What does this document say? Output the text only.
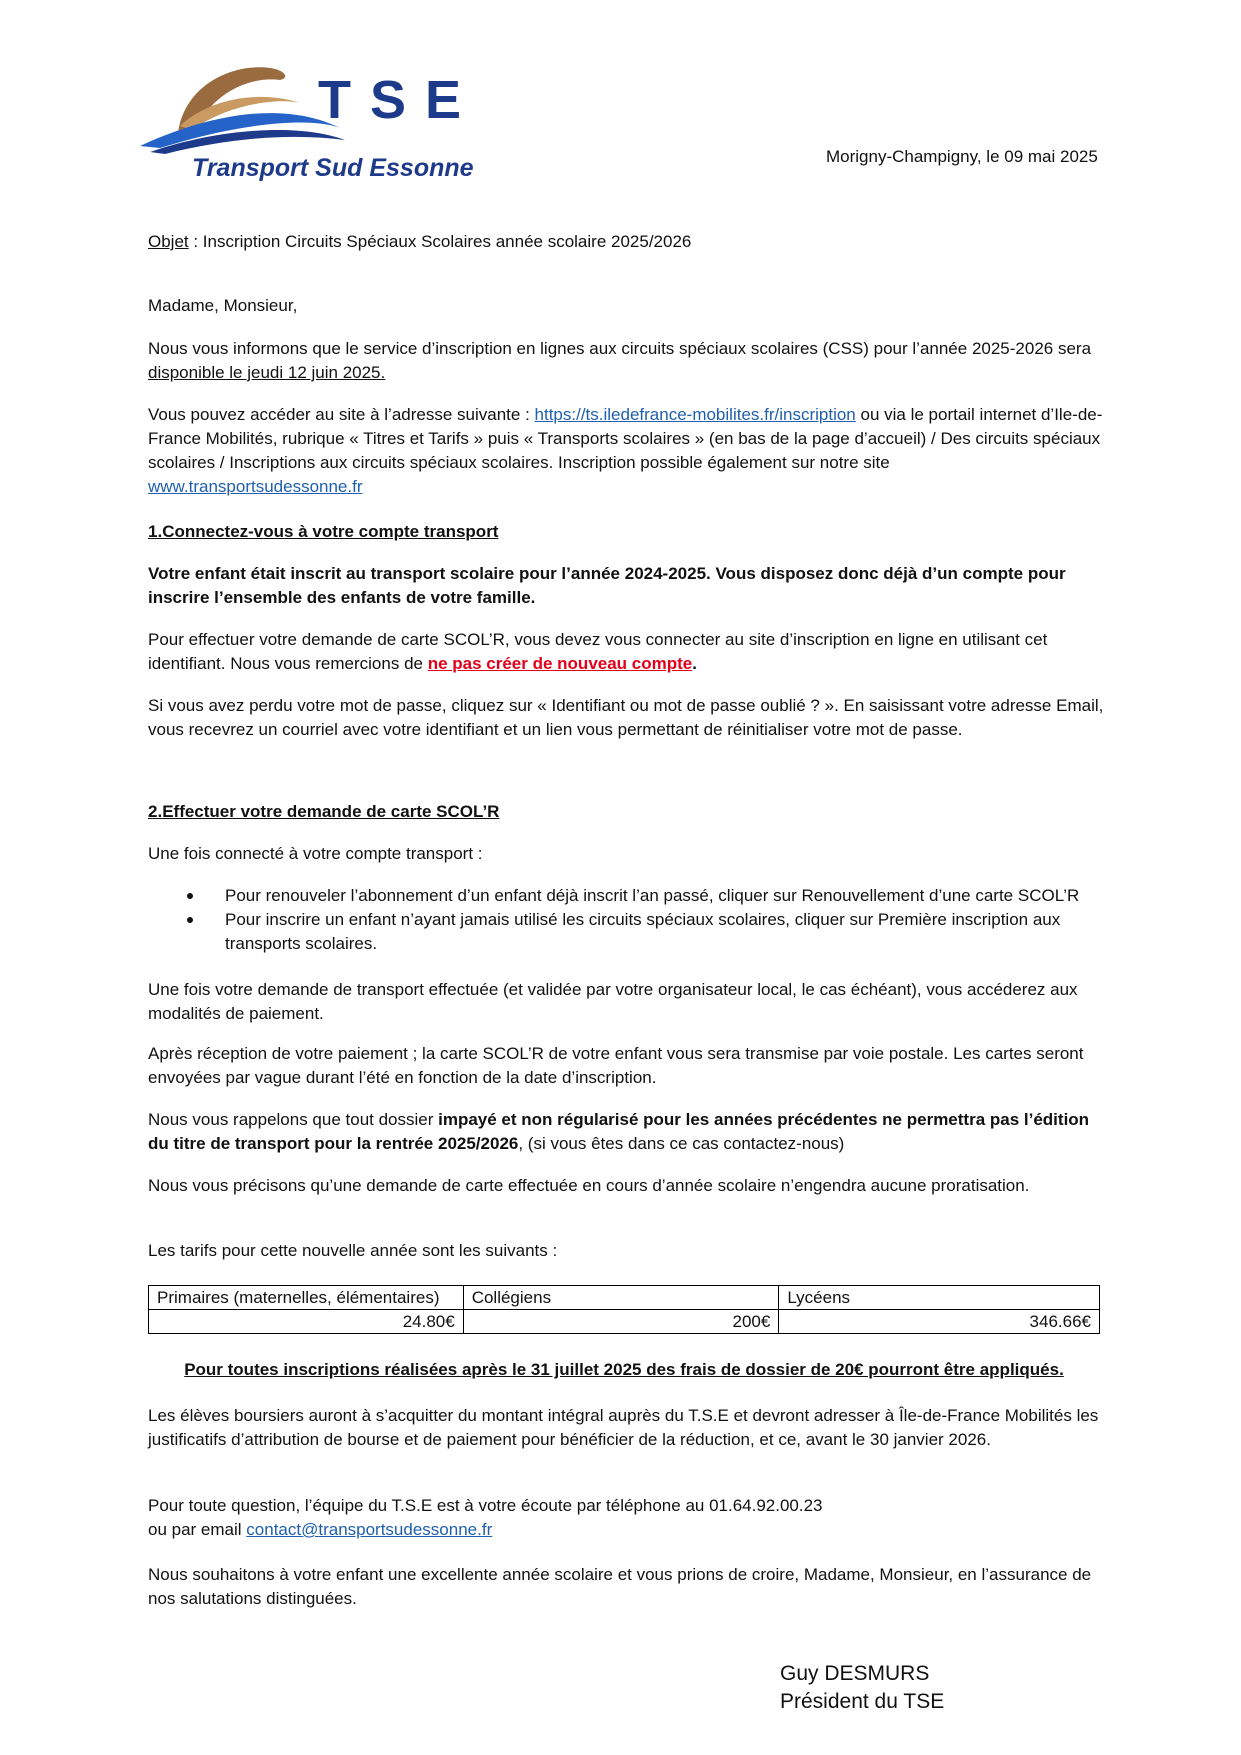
T S E
Transport Sud Essonne	Morigny-Champigny, le 09 mai 2025
Objet : Inscription Circuits Spéciaux Scolaires année scolaire 2025/2026
Madame, Monsieur,
Nous vous informons que le service d’inscription en lignes aux circuits spéciaux scolaires (CSS) pour l’année 2025-2026 sera disponible le jeudi 12 juin 2025.
Vous pouvez accéder au site à l’adresse suivante : https://ts.iledefrance-mobilites.fr/inscription ou via le portail internet d’Ile-de-France Mobilités, rubrique « Titres et Tarifs » puis « Transports scolaires » (en bas de la page d’accueil) / Des circuits spéciaux scolaires / Inscriptions aux circuits spéciaux scolaires. Inscription possible également sur notre site www.transportsudessonne.fr
1.Connectez-vous à votre compte transport
Votre enfant était inscrit au transport scolaire pour l’année 2024-2025. Vous disposez donc déjà d’un compte pour inscrire l’ensemble des enfants de votre famille.
Pour effectuer votre demande de carte SCOL’R, vous devez vous connecter au site d’inscription en ligne en utilisant cet identifiant. Nous vous remercions de ne pas créer de nouveau compte.
Si vous avez perdu votre mot de passe, cliquez sur « Identifiant ou mot de passe oublié ? ». En saisissant votre adresse Email, vous recevrez un courriel avec votre identifiant et un lien vous permettant de réinitialiser votre mot de passe.
2.Effectuer votre demande de carte SCOL’R
Une fois connecté à votre compte transport :
Pour renouveler l’abonnement d’un enfant déjà inscrit l’an passé, cliquer sur Renouvellement d’une carte SCOL’R
Pour inscrire un enfant n’ayant jamais utilisé les circuits spéciaux scolaires, cliquer sur Première inscription aux transports scolaires.
Une fois votre demande de transport effectuée (et validée par votre organisateur local, le cas échéant), vous accéderez aux modalités de paiement.
Après réception de votre paiement ; la carte SCOL’R de votre enfant vous sera transmise par voie postale. Les cartes seront envoyées par vague durant l’été en fonction de la date d’inscription.
Nous vous rappelons que tout dossier impayé et non régularisé pour les années précédentes ne permettra pas l’édition du titre de transport pour la rentrée 2025/2026, (si vous êtes dans ce cas contactez-nous)
Nous vous précisons qu’une demande de carte effectuée en cours d’année scolaire n’engendra aucune proratisation.
Les tarifs pour cette nouvelle année sont les suivants :
Primaires (maternelles, élémentaires)	Collégiens	Lycéens
24.80€	200€	346.66€
Pour toutes inscriptions réalisées après le 31 juillet 2025 des frais de dossier de 20€ pourront être appliqués.
Les élèves boursiers auront à s’acquitter du montant intégral auprès du T.S.E et devront adresser à Île-de-France Mobilités les justificatifs d’attribution de bourse et de paiement pour bénéficier de la réduction, et ce, avant le 30 janvier 2026.
Pour toute question, l’équipe du T.S.E est à votre écoute par téléphone au 01.64.92.00.23
ou par email contact@transportsudessonne.fr
Nous souhaitons à votre enfant une excellente année scolaire et vous prions de croire, Madame, Monsieur, en l’assurance de nos salutations distinguées.
Guy DESMURS
Président du TSE
